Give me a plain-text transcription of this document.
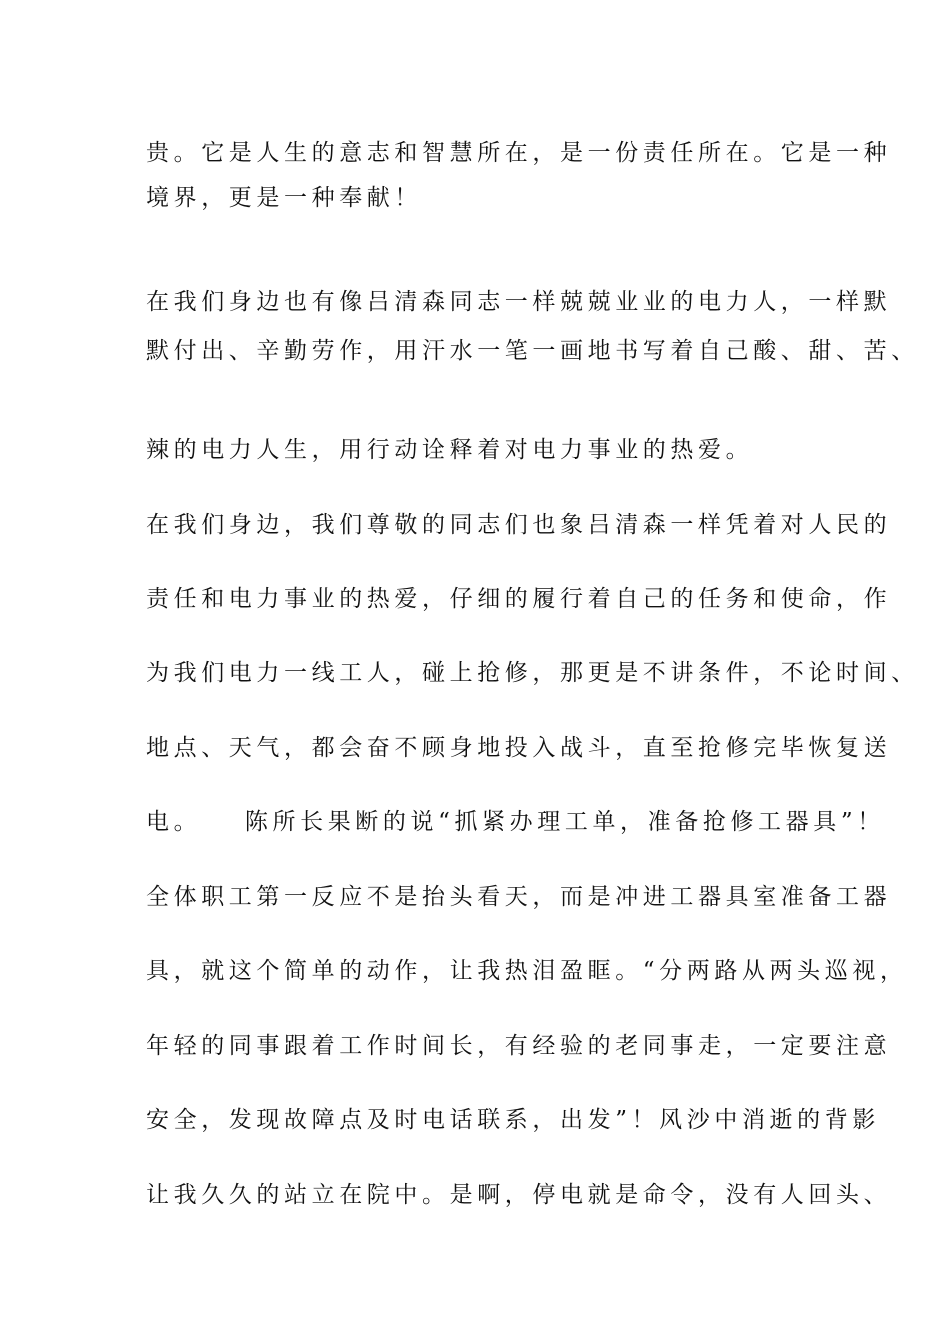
贵。它是人生的意志和智慧所在，是一份责任所在。它是一种
境界，更是一种奉献！
在我们身边也有像吕清森同志一样兢兢业业的电力人，一样默
默付出、辛勤劳作，用汗水一笔一画地书写着自己酸、甜、苦、
辣的电力人生，用行动诠释着对电力事业的热爱。
在我们身边，我们尊敬的同志们也象吕清森一样凭着对人民的
责任和电力事业的热爱，仔细的履行着自己的任务和使命，作
为我们电力一线工人，碰上抢修，那更是不讲条件，不论时间、
地点、天气，都会奋不顾身地投入战斗，直至抢修完毕恢复送
电。　　陈所长果断的说“抓紧办理工单，准备抢修工器具”！
全体职工第一反应不是抬头看天，而是冲进工器具室准备工器
具，就这个简单的动作，让我热泪盈眶。“分两路从两头巡视，
年轻的同事跟着工作时间长，有经验的老同事走，一定要注意
安全，发现故障点及时电话联系，出发”！风沙中消逝的背影
让我久久的站立在院中。是啊，停电就是命令，没有人回头、
